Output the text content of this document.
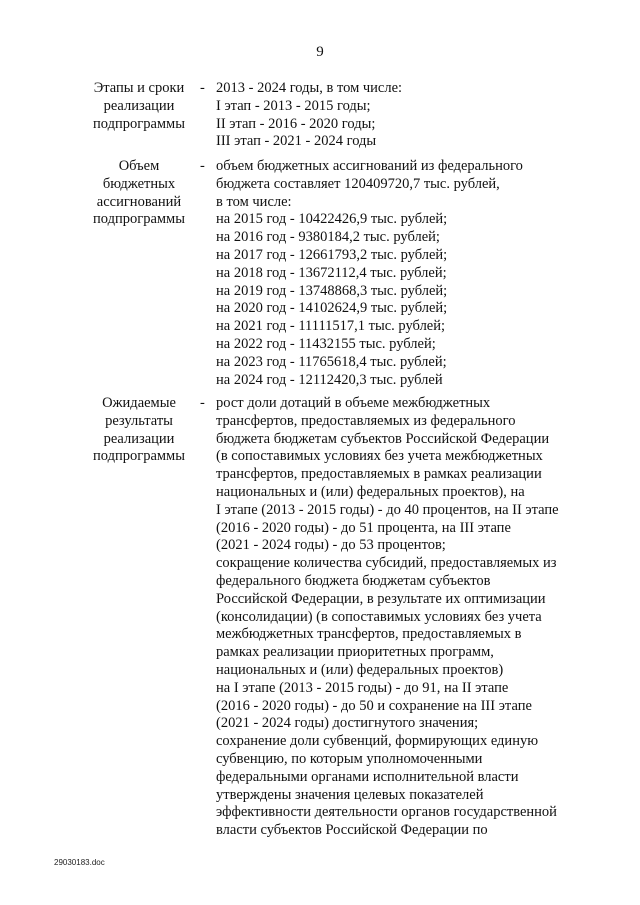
9
Этапы и сроки
реализации
подпрограммы
- 2013 - 2024 годы, в том числе:
I этап - 2013 - 2015 годы;
II этап - 2016 - 2020 годы;
III этап - 2021 - 2024 годы
Объем
бюджетных
ассигнований
подпрограммы
- объем бюджетных ассигнований из федерального
бюджета составляет 120409720,7 тыс. рублей,
в том числе:
на 2015 год - 10422426,9 тыс. рублей;
на 2016 год - 9380184,2 тыс. рублей;
на 2017 год - 12661793,2 тыс. рублей;
на 2018 год - 13672112,4 тыс. рублей;
на 2019 год - 13748868,3 тыс. рублей;
на 2020 год - 14102624,9 тыс. рублей;
на 2021 год - 11111517,1 тыс. рублей;
на 2022 год - 11432155 тыс. рублей;
на 2023 год - 11765618,4 тыс. рублей;
на 2024 год - 12112420,3 тыс. рублей
Ожидаемые
результаты
реализации
подпрограммы
- рост доли дотаций в объеме межбюджетных
трансфертов, предоставляемых из федерального
бюджета бюджетам субъектов Российской Федерации
(в сопоставимых условиях без учета межбюджетных
трансфертов, предоставляемых в рамках реализации
национальных и (или) федеральных проектов), на
I этапе (2013 - 2015 годы) - до 40 процентов, на II этапе
(2016 - 2020 годы) - до 51 процента, на III этапе
(2021 - 2024 годы) - до 53 процентов;
сокращение количества субсидий, предоставляемых из
федерального бюджета бюджетам субъектов
Российской Федерации, в результате их оптимизации
(консолидации) (в сопоставимых условиях без учета
межбюджетных трансфертов, предоставляемых в
рамках реализации приоритетных программ,
национальных и (или) федеральных проектов)
на I этапе (2013 - 2015 годы) - до 91, на II этапе
(2016 - 2020 годы) - до 50 и сохранение на III этапе
(2021 - 2024 годы) достигнутого значения;
сохранение доли субвенций, формирующих единую
субвенцию, по которым уполномоченными
федеральными органами исполнительной власти
утверждены значения целевых показателей
эффективности деятельности органов государственной
власти субъектов Российской Федерации по
29030183.doc
